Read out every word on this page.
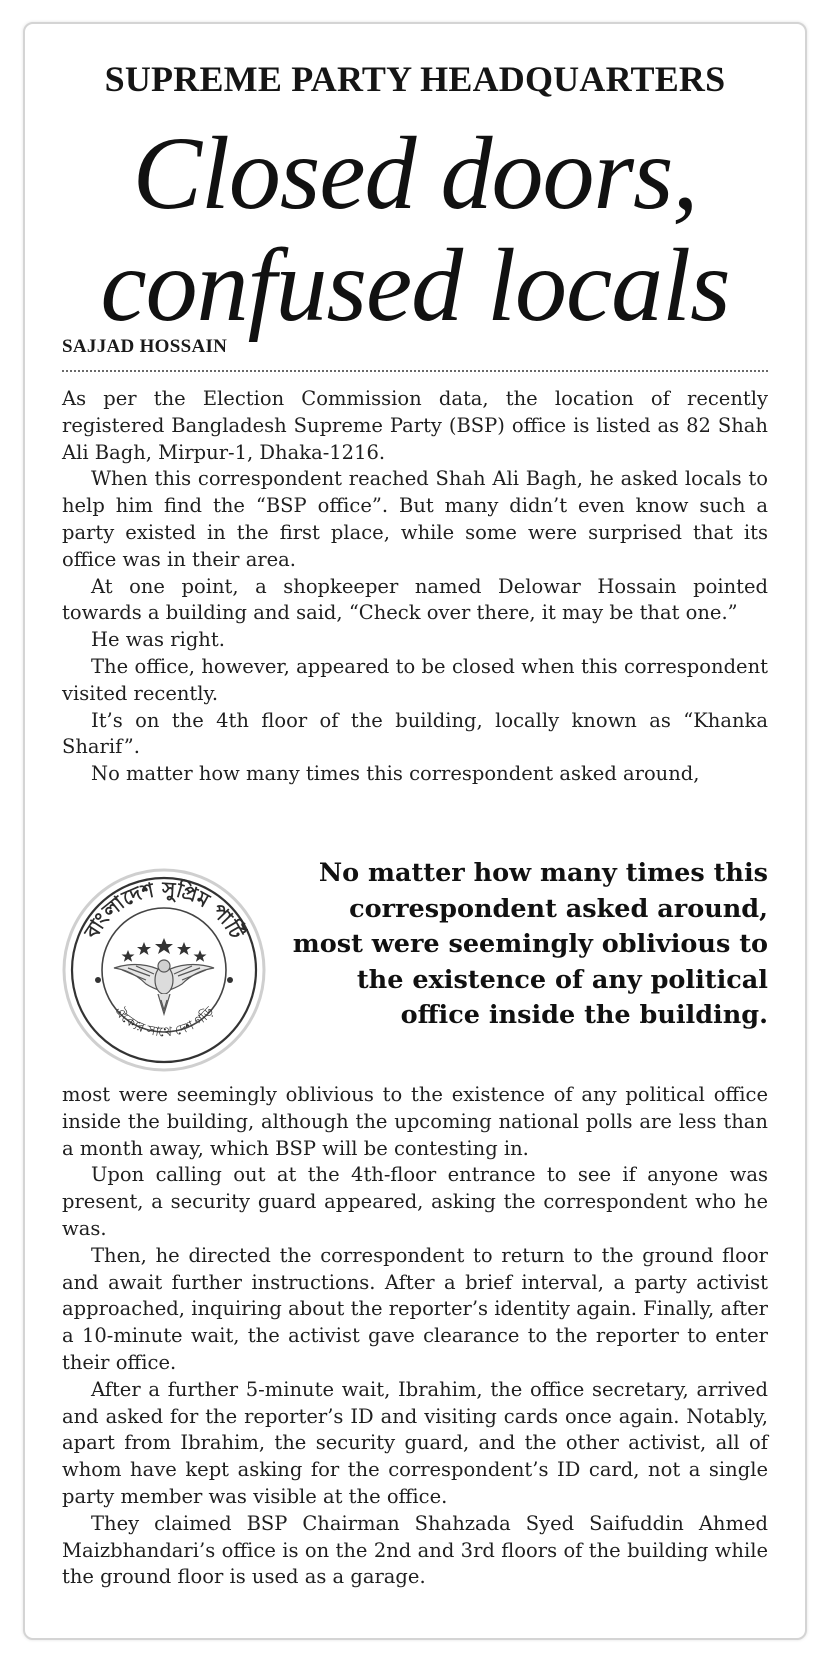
SUPREME PARTY HEADQUARTERS
Closed doors,
confused locals
SAJJAD HOSSAIN

As per the Election Commission data, the location of recently registered Bangladesh Supreme Party (BSP) office is listed as 82 Shah Ali Bagh, Mirpur-1, Dhaka-1216.

When this correspondent reached Shah Ali Bagh, he asked locals to help him find the “BSP office”. But many didn’t even know such a party existed in the first place, while some were surprised that its office was in their area.

At one point, a shopkeeper named Delowar Hossain pointed towards a building and said, “Check over there, it may be that one.”

He was right.

The office, however, appeared to be closed when this correspondent visited recently.

It’s on the 4th floor of the building, locally known as “Khanka Sharif”.

No matter how many times this correspondent asked around,

বাংলাদেশ সুপ্রিম পার্টি
ঐক্যের সাথে দেশ গড়ি
No matter how many times this correspondent asked around, most were seemingly oblivious to the existence of any political office inside the building.

most were seemingly oblivious to the existence of any political office inside the building, although the upcoming national polls are less than a month away, which BSP will be contesting in.

Upon calling out at the 4th-floor entrance to see if anyone was present, a security guard appeared, asking the correspondent who he was.

Then, he directed the correspondent to return to the ground floor and await further instructions. After a brief interval, a party activist approached, inquiring about the reporter’s identity again. Finally, after a 10-minute wait, the activist gave clearance to the reporter to enter their office.

After a further 5-minute wait, Ibrahim, the office secretary, arrived and asked for the reporter’s ID and visiting cards once again. Notably, apart from Ibrahim, the security guard, and the other activist, all of whom have kept asking for the correspondent’s ID card, not a single party member was visible at the office.

They claimed BSP Chairman Shahzada Syed Saifuddin Ahmed Maizbhandari’s office is on the 2nd and 3rd floors of the building while the ground floor is used as a garage.
